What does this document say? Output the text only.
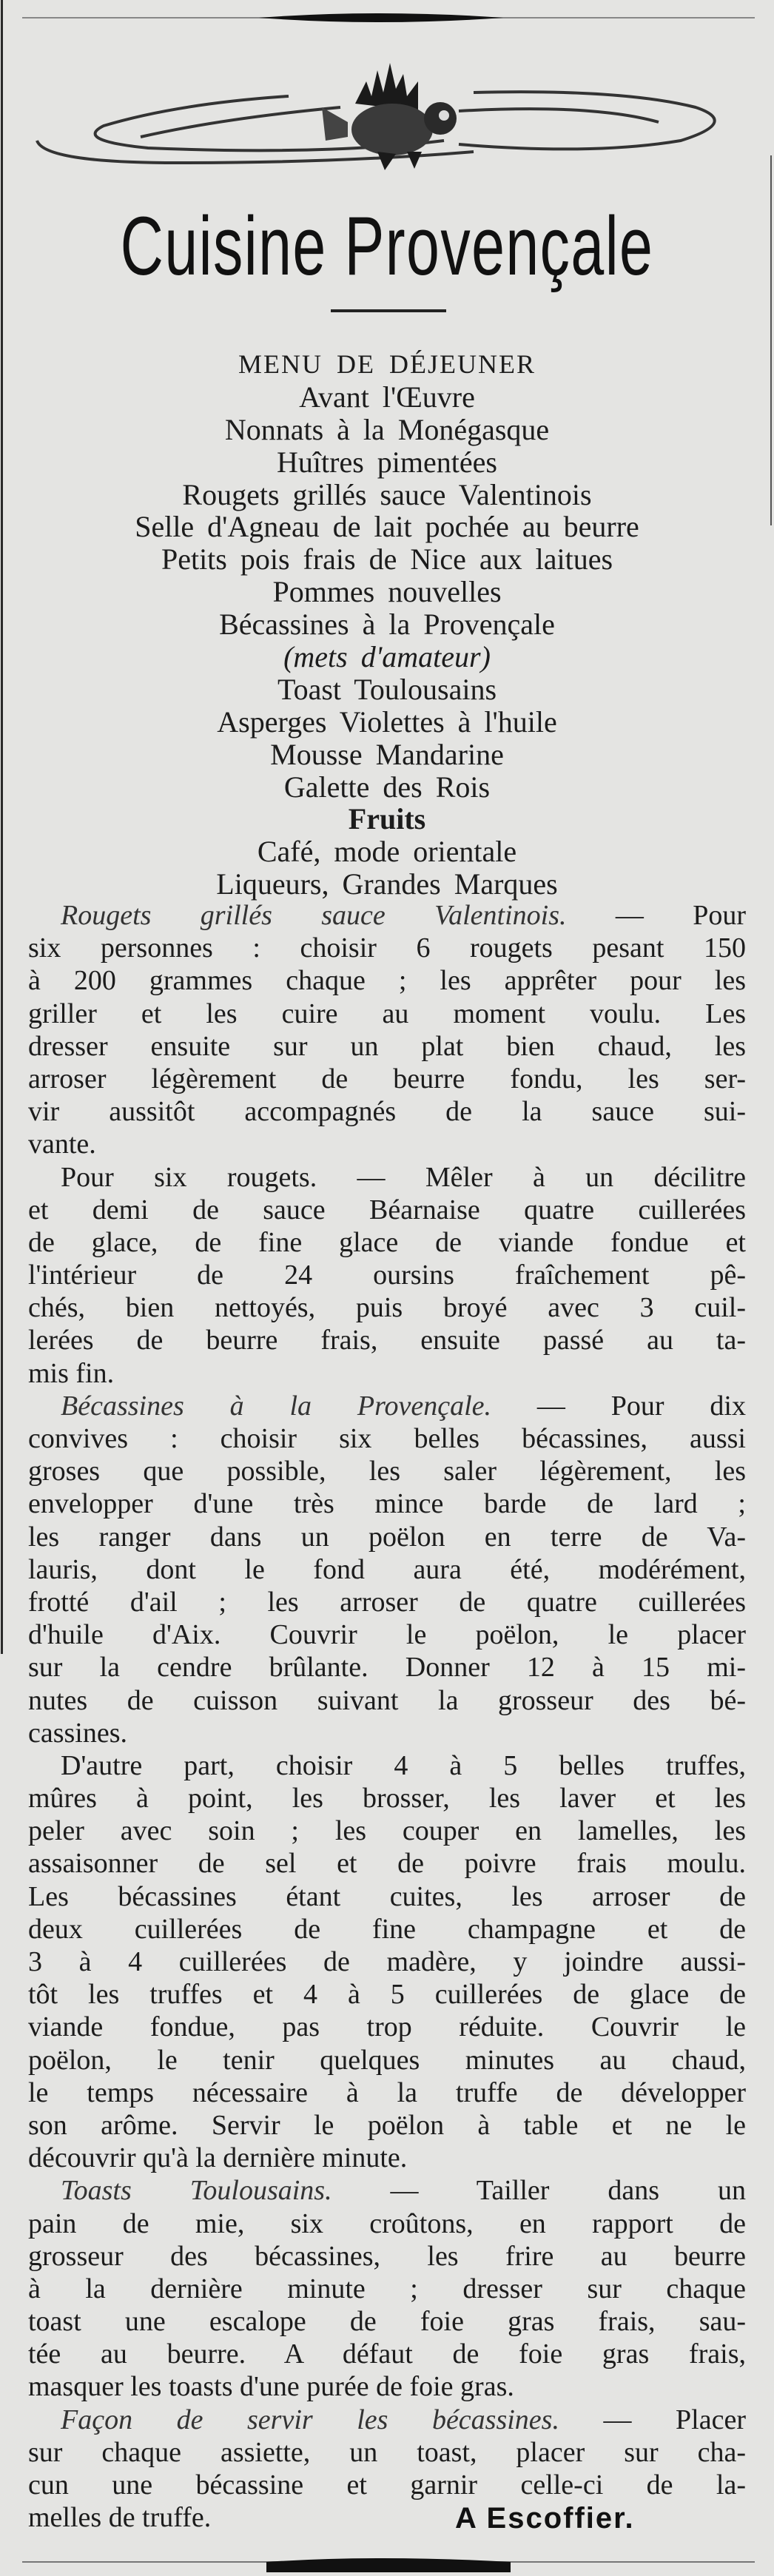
Cuisine Provençale
MENU DE DÉJEUNER
Avant l'Œuvre
Nonnats à la Monégasque
Huîtres pimentées
Rougets grillés sauce Valentinois
Selle d'Agneau de lait pochée au beurre
Petits pois frais de Nice aux laitues
Pommes nouvelles
Bécassines à la Provençale
(mets d'amateur)
Toast Toulousains
Asperges Violettes à l'huile
Mousse Mandarine
Galette des Rois
Fruits
Café, mode orientale
Liqueurs, Grandes Marques
Rougets grillés sauce Valentinois. — Pour
six personnes : choisir 6 rougets pesant 150
à 200 grammes chaque ; les apprêter pour les
griller et les cuire au moment voulu. Les
dresser ensuite sur un plat bien chaud, les
arroser légèrement de beurre fondu, les ser-
vir aussitôt accompagnés de la sauce sui-
vante.
Pour six rougets. — Mêler à un décilitre
et demi de sauce Béarnaise quatre cuillerées
de glace, de fine glace de viande fondue et
l'intérieur de 24 oursins fraîchement pê-
chés, bien nettoyés, puis broyé avec 3 cuil-
lerées de beurre frais, ensuite passé au ta-
mis fin.
Bécassines à la Provençale. — Pour dix
convives : choisir six belles bécassines, aussi
groses que possible, les saler légèrement, les
envelopper d'une très mince barde de lard ;
les ranger dans un poëlon en terre de Va-
lauris, dont le fond aura été, modérément,
frotté d'ail ; les arroser de quatre cuillerées
d'huile d'Aix. Couvrir le poëlon, le placer
sur la cendre brûlante. Donner 12 à 15 mi-
nutes de cuisson suivant la grosseur des bé-
cassines.
D'autre part, choisir 4 à 5 belles truffes,
mûres à point, les brosser, les laver et les
peler avec soin ; les couper en lamelles, les
assaisonner de sel et de poivre frais moulu.
Les bécassines étant cuites, les arroser de
deux cuillerées de fine champagne et de
3 à 4 cuillerées de madère, y joindre aussi-
tôt les truffes et 4 à 5 cuillerées de glace de
viande fondue, pas trop réduite. Couvrir le
poëlon, le tenir quelques minutes au chaud,
le temps nécessaire à la truffe de développer
son arôme. Servir le poëlon à table et ne le
découvrir qu'à la dernière minute.
Toasts Toulousains. — Tailler dans un
pain de mie, six croûtons, en rapport de
grosseur des bécassines, les frire au beurre
à la dernière minute ; dresser sur chaque
toast une escalope de foie gras frais, sau-
tée au beurre. A défaut de foie gras frais,
masquer les toasts d'une purée de foie gras.
Façon de servir les bécassines. — Placer
sur chaque assiette, un toast, placer sur cha-
cun une bécassine et garnir celle-ci de la-
melles de truffe.	A Escoffier.
